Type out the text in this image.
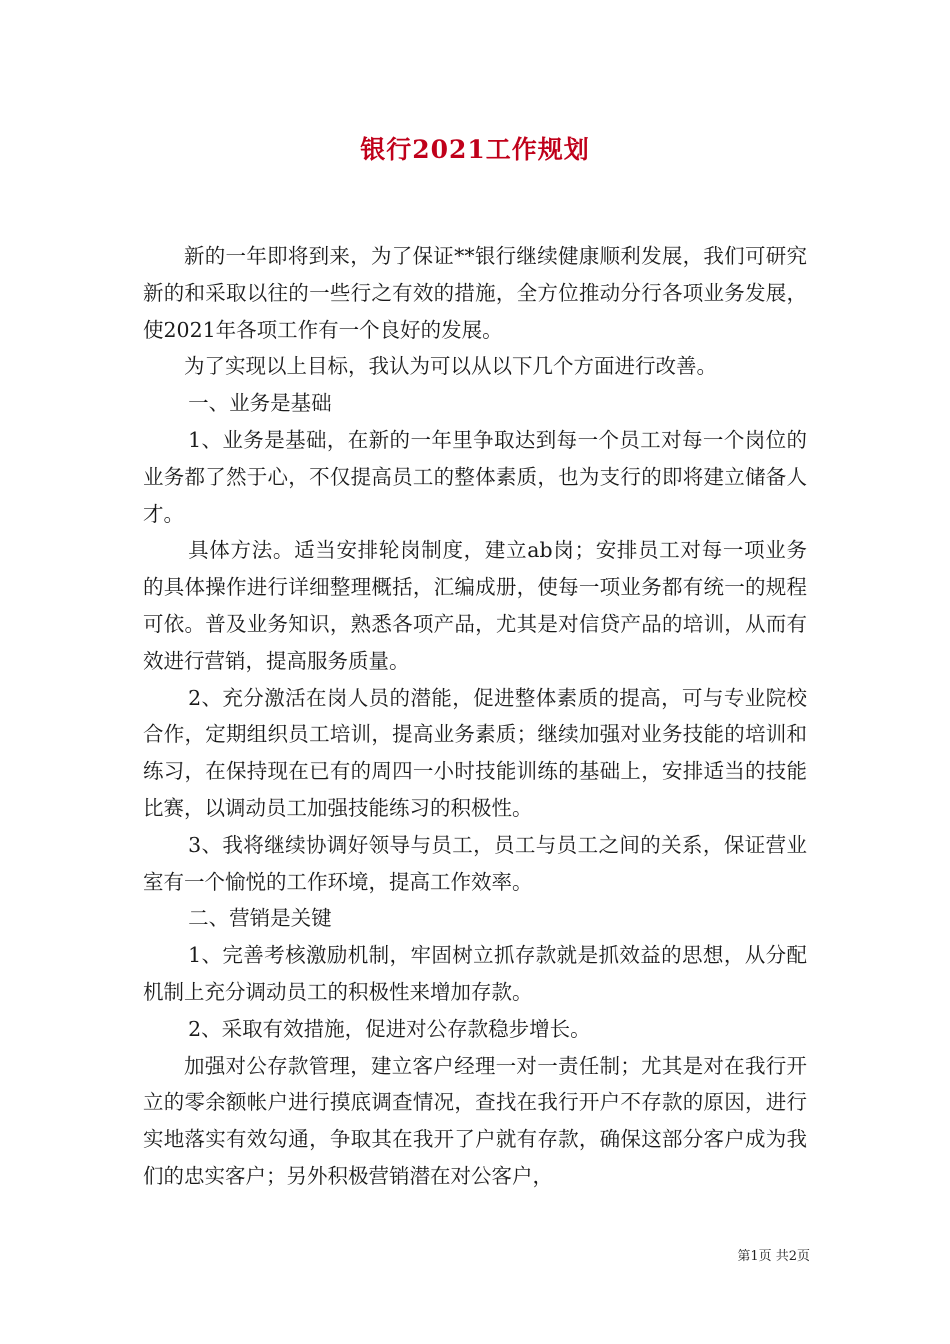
银行2021工作规划

新的一年即将到来，为了保证**银行继续健康顺利发展，我们可研究新的和采取以往的一些行之有效的措施，全方位推动分行各项业务发展，使2021年各项工作有一个良好的发展。

为了实现以上目标，我认为可以从以下几个方面进行改善。

一、业务是基础

1、业务是基础，在新的一年里争取达到每一个员工对每一个岗位的业务都了然于心，不仅提高员工的整体素质，也为支行的即将建立储备人才。

具体方法。适当安排轮岗制度，建立ab岗；安排员工对每一项业务的具体操作进行详细整理概括，汇编成册，使每一项业务都有统一的规程可依。普及业务知识，熟悉各项产品，尤其是对信贷产品的培训，从而有效进行营销，提高服务质量。

2、充分激活在岗人员的潜能，促进整体素质的提高，可与专业院校合作，定期组织员工培训，提高业务素质；继续加强对业务技能的培训和练习，在保持现在已有的周四一小时技能训练的基础上，安排适当的技能比赛，以调动员工加强技能练习的积极性。

3、我将继续协调好领导与员工，员工与员工之间的关系，保证营业室有一个愉悦的工作环境，提高工作效率。

二、营销是关键

1、完善考核激励机制，牢固树立抓存款就是抓效益的思想，从分配机制上充分调动员工的积极性来增加存款。

2、采取有效措施，促进对公存款稳步增长。

加强对公存款管理，建立客户经理一对一责任制；尤其是对在我行开立的零余额帐户进行摸底调查情况，查找在我行开户不存款的原因，进行实地落实有效勾通，争取其在我开了户就有存款，确保这部分客户成为我们的忠实客户；另外积极营销潜在对公客户，

第1页 共2页
